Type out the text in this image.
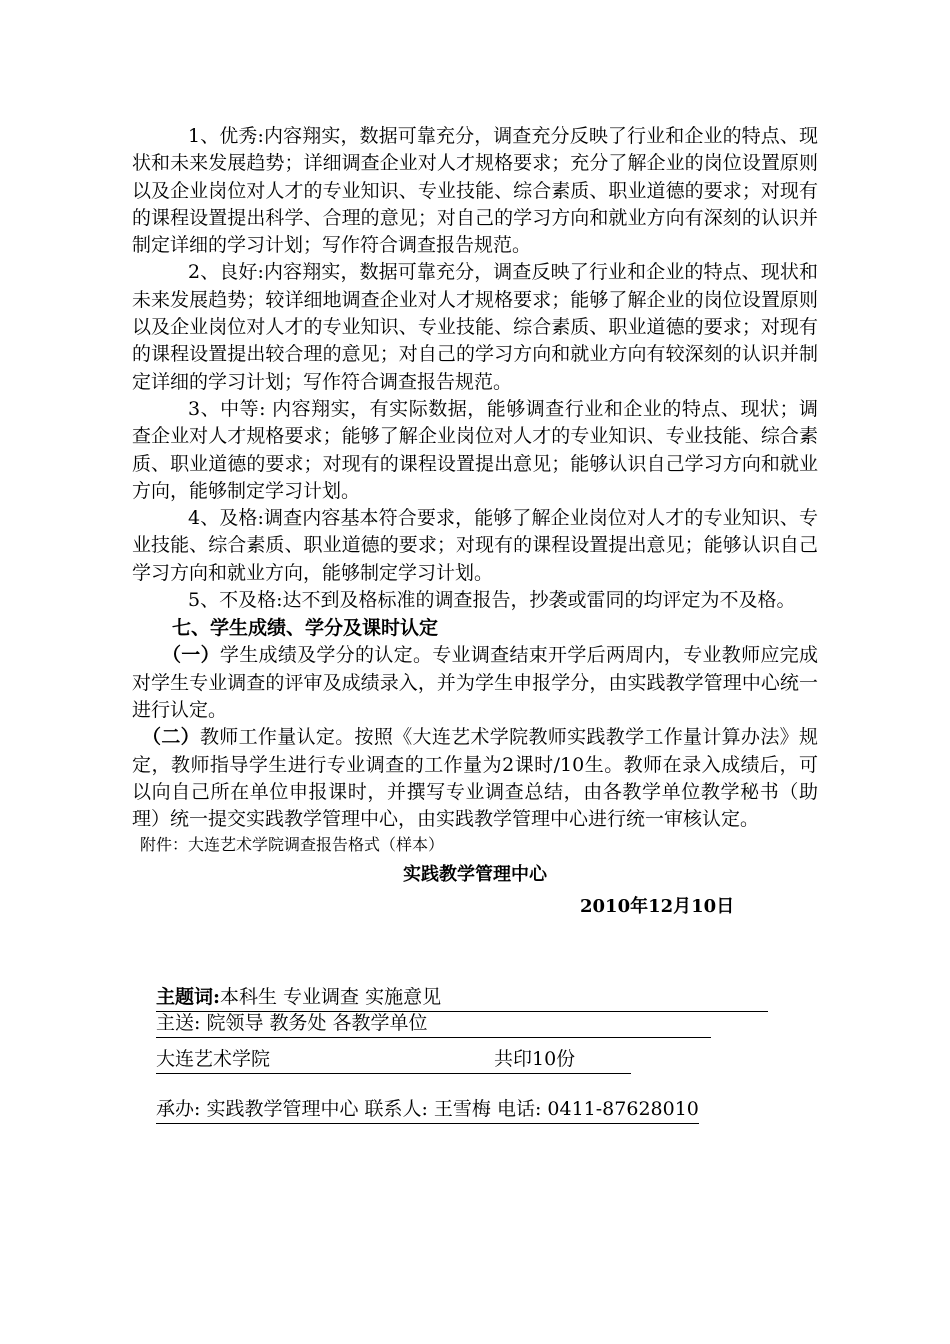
1、优秀:内容翔实，数据可靠充分，调查充分反映了行业和企业的特点、现状和未来发展趋势；详细调查企业对人才规格要求；充分了解企业的岗位设置原则以及企业岗位对人才的专业知识、专业技能、综合素质、职业道德的要求；对现有的课程设置提出科学、合理的意见；对自己的学习方向和就业方向有深刻的认识并制定详细的学习计划；写作符合调查报告规范。

2、良好:内容翔实，数据可靠充分，调查反映了行业和企业的特点、现状和未来发展趋势；较详细地调查企业对人才规格要求；能够了解企业的岗位设置原则以及企业岗位对人才的专业知识、专业技能、综合素质、职业道德的要求；对现有的课程设置提出较合理的意见；对自己的学习方向和就业方向有较深刻的认识并制定详细的学习计划；写作符合调查报告规范。

3、中等: 内容翔实，有实际数据，能够调查行业和企业的特点、现状；调查企业对人才规格要求；能够了解企业岗位对人才的专业知识、专业技能、综合素质、职业道德的要求；对现有的课程设置提出意见；能够认识自己学习方向和就业方向，能够制定学习计划。

4、及格:调查内容基本符合要求，能够了解企业岗位对人才的专业知识、专业技能、综合素质、职业道德的要求；对现有的课程设置提出意见；能够认识自己学习方向和就业方向，能够制定学习计划。

5、不及格:达不到及格标准的调查报告，抄袭或雷同的均评定为不及格。

七、学生成绩、学分及课时认定

（一）学生成绩及学分的认定。专业调查结束开学后两周内，专业教师应完成对学生专业调查的评审及成绩录入，并为学生申报学分，由实践教学管理中心统一进行认定。

（二）教师工作量认定。按照《大连艺术学院教师实践教学工作量计算办法》规定，教师指导学生进行专业调查的工作量为2课时/10生。教师在录入成绩后，可以向自己所在单位申报课时，并撰写专业调查总结，由各教学单位教学秘书（助理）统一提交实践教学管理中心，由实践教学管理中心进行统一审核认定。

附件：大连艺术学院调查报告格式（样本）

实践教学管理中心

2010年12月10日

主题词:本科生 专业调查 实施意见
主送: 院领导 教务处 各教学单位
大连艺术学院	共印10份
承办: 实践教学管理中心 联系人: 王雪梅 电话: 0411-87628010
